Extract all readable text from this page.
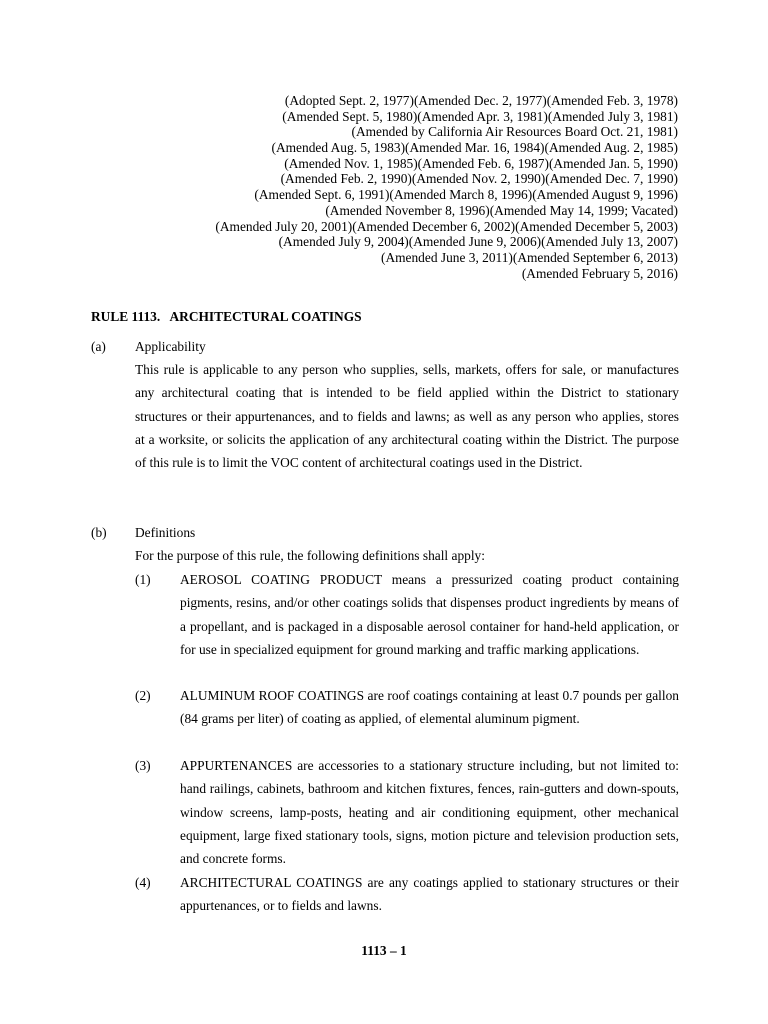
(Adopted Sept. 2, 1977)(Amended Dec. 2, 1977)(Amended Feb. 3, 1978)
(Amended Sept. 5, 1980)(Amended Apr. 3, 1981)(Amended July 3, 1981)
(Amended by California Air Resources Board Oct. 21, 1981)
(Amended Aug. 5, 1983)(Amended Mar. 16, 1984)(Amended Aug. 2, 1985)
(Amended Nov. 1, 1985)(Amended Feb. 6, 1987)(Amended Jan. 5, 1990)
(Amended Feb. 2, 1990)(Amended Nov. 2, 1990)(Amended Dec. 7, 1990)
(Amended Sept. 6, 1991)(Amended March 8, 1996)(Amended August 9, 1996)
(Amended November 8, 1996)(Amended May 14, 1999; Vacated)
(Amended July 20, 2001)(Amended December 6, 2002)(Amended December 5, 2003)
(Amended July 9, 2004)(Amended June 9, 2006)(Amended July 13, 2007)
(Amended June 3, 2011)(Amended September 6, 2013)
(Amended February 5, 2016)
RULE 1113.   ARCHITECTURAL COATINGS
(a) Applicability

This rule is applicable to any person who supplies, sells, markets, offers for sale, or manufactures any architectural coating that is intended to be field applied within the District to stationary structures or their appurtenances, and to fields and lawns; as well as any person who applies, stores at a worksite, or solicits the application of any architectural coating within the District. The purpose of this rule is to limit the VOC content of architectural coatings used in the District.

(b) Definitions
For the purpose of this rule, the following definitions shall apply:
(1) AEROSOL COATING PRODUCT means a pressurized coating product containing pigments, resins, and/or other coatings solids that dispenses product ingredients by means of a propellant, and is packaged in a disposable aerosol container for hand-held application, or for use in specialized equipment for ground marking and traffic marking applications.

(2) ALUMINUM ROOF COATINGS are roof coatings containing at least 0.7 pounds per gallon (84 grams per liter) of coating as applied, of elemental aluminum pigment.

(3) APPURTENANCES are accessories to a stationary structure including, but not limited to: hand railings, cabinets, bathroom and kitchen fixtures, fences, rain-gutters and down-spouts, window screens, lamp-posts, heating and air conditioning equipment, other mechanical equipment, large fixed stationary tools, signs, motion picture and television production sets, and concrete forms.

(4) ARCHITECTURAL COATINGS are any coatings applied to stationary structures or their appurtenances, or to fields and lawns.

1113 – 1
